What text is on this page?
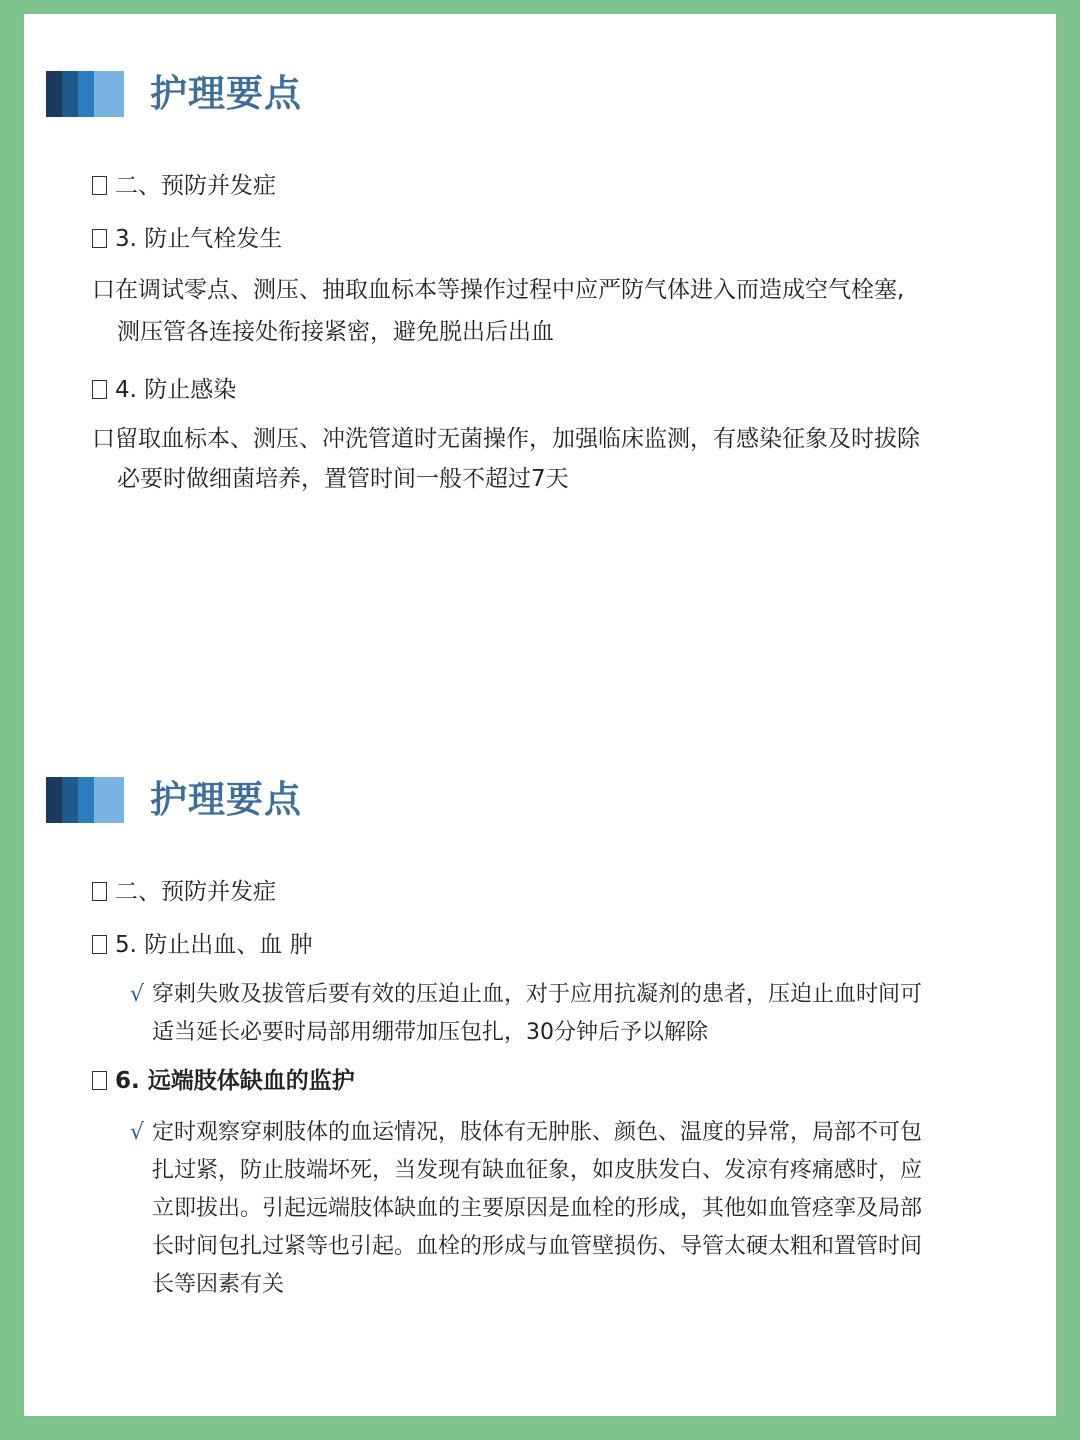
护理要点
二、预防并发症
3. 防止气栓发生
口在调试零点、测压、抽取血标本等操作过程中应严防气体进入而造成空气栓塞,
测压管各连接处衔接紧密，避免脱出后出血
4. 防止感染
口留取血标本、测压、冲洗管道时无菌操作，加强临床监测，有感染征象及时拔除
必要时做细菌培养，置管时间一般不超过7天
护理要点
二、预防并发症
5. 防止出血、血 肿
√ 穿刺失败及拔管后要有效的压迫止血，对于应用抗凝剂的患者，压迫止血时间可适当延长必要时局部用绷带加压包扎，30分钟后予以解除
6. 远端肢体缺血的监护
√ 定时观察穿刺肢体的血运情况，肢体有无肿胀、颜色、温度的异常，局部不可包扎过紧，防止肢端坏死，当发现有缺血征象，如皮肤发白、发凉有疼痛感时，应立即拔出。引起远端肢体缺血的主要原因是血栓的形成，其他如血管痉挛及局部长时间包扎过紧等也引起。血栓的形成与血管壁损伤、导管太硬太粗和置管时间长等因素有关
